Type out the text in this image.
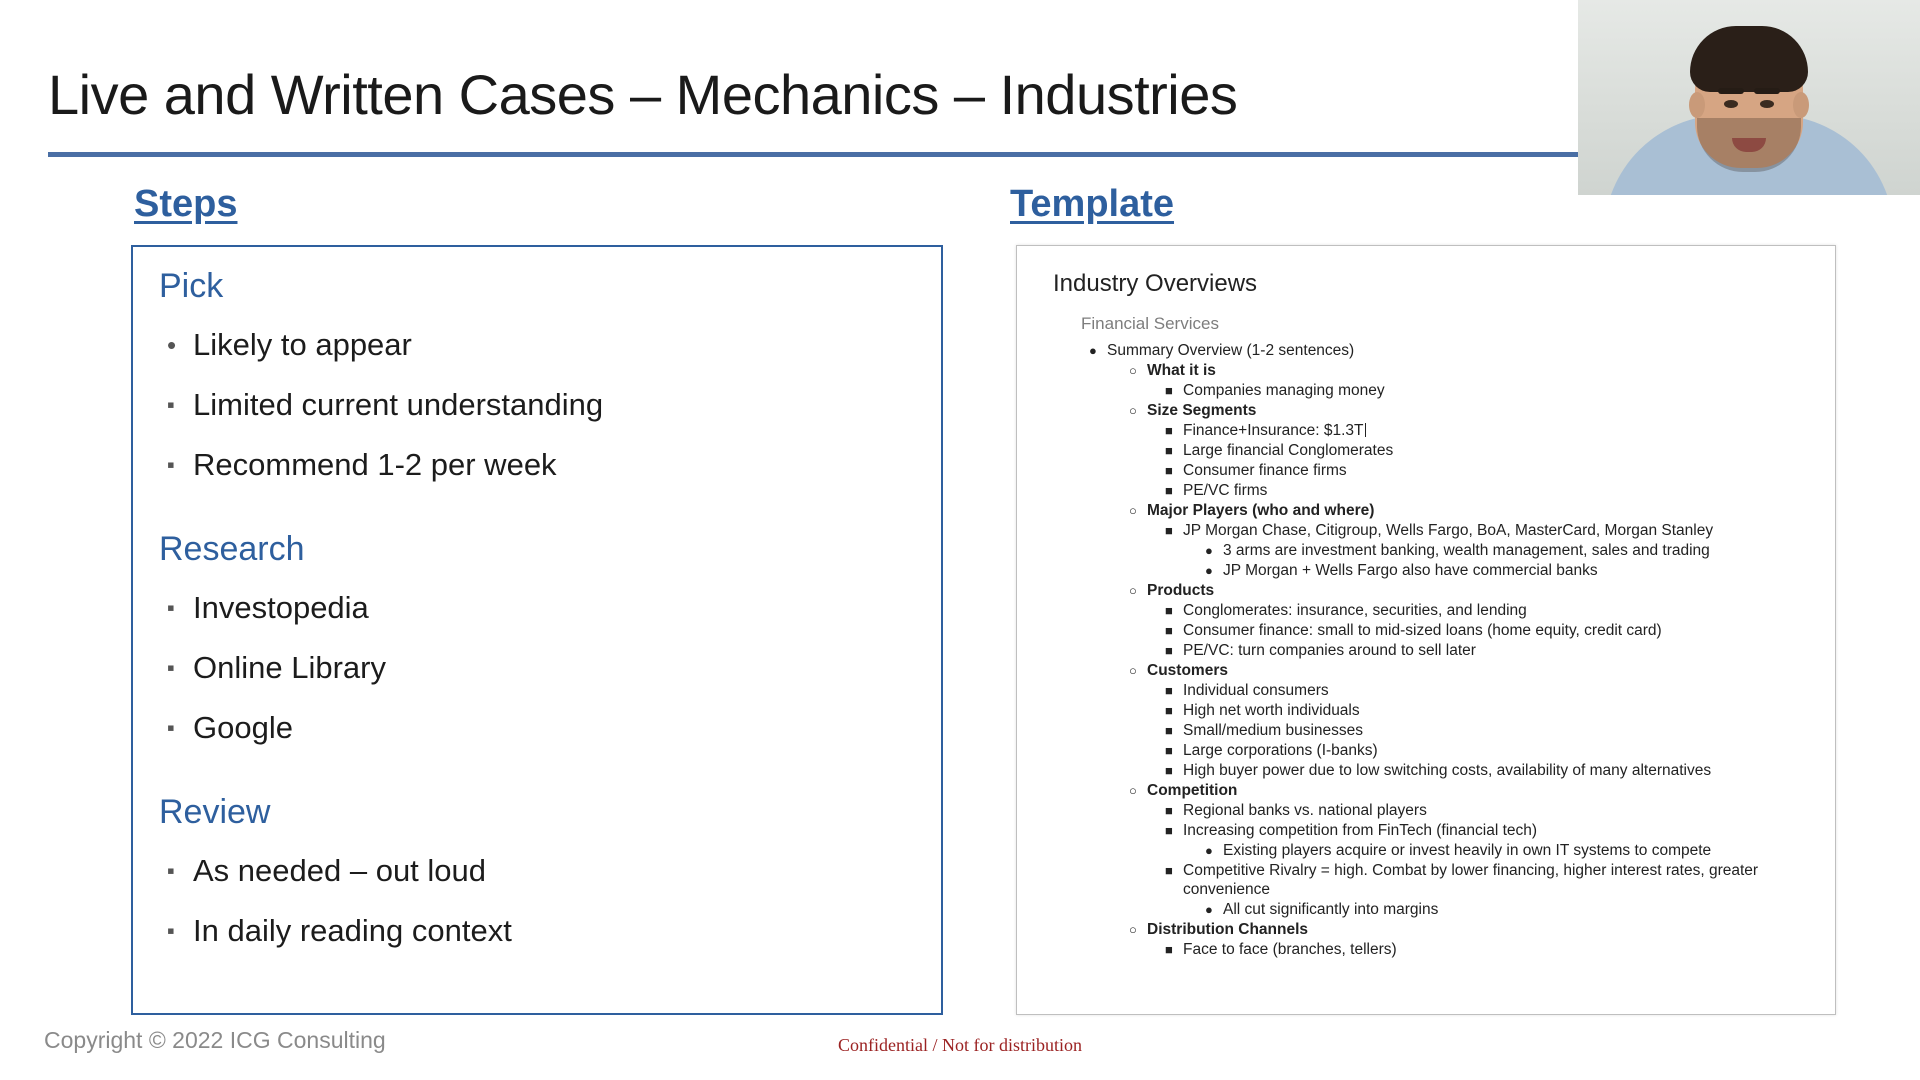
Live and Written Cases – Mechanics – Industries
Steps	Template
Pick
• Likely to appear
▪ Limited current understanding
▪ Recommend 1-2 per week
Research
▪ Investopedia
▪ Online Library
▪ Google
Review
▪ As needed – out loud
▪ In daily reading context
Industry Overviews
Financial Services
● Summary Overview (1-2 sentences)
○ What it is
■ Companies managing money
○ Size Segments
■ Finance+Insurance: $1.3T
■ Large financial Conglomerates
■ Consumer finance firms
■ PE/VC firms
○ Major Players (who and where)
■ JP Morgan Chase, Citigroup, Wells Fargo, BoA, MasterCard, Morgan Stanley
● 3 arms are investment banking, wealth management, sales and trading
● JP Morgan + Wells Fargo also have commercial banks
○ Products
■ Conglomerates: insurance, securities, and lending
■ Consumer finance: small to mid-sized loans (home equity, credit card)
■ PE/VC: turn companies around to sell later
○ Customers
■ Individual consumers
■ High net worth individuals
■ Small/medium businesses
■ Large corporations (I-banks)
■ High buyer power due to low switching costs, availability of many alternatives
○ Competition
■ Regional banks vs. national players
■ Increasing competition from FinTech (financial tech)
● Existing players acquire or invest heavily in own IT systems to compete
■ Competitive Rivalry = high. Combat by lower financing, higher interest rates, greater convenience
● All cut significantly into margins
○ Distribution Channels
■ Face to face (branches, tellers)
Copyright © 2022 ICG Consulting	Confidential / Not for distribution
